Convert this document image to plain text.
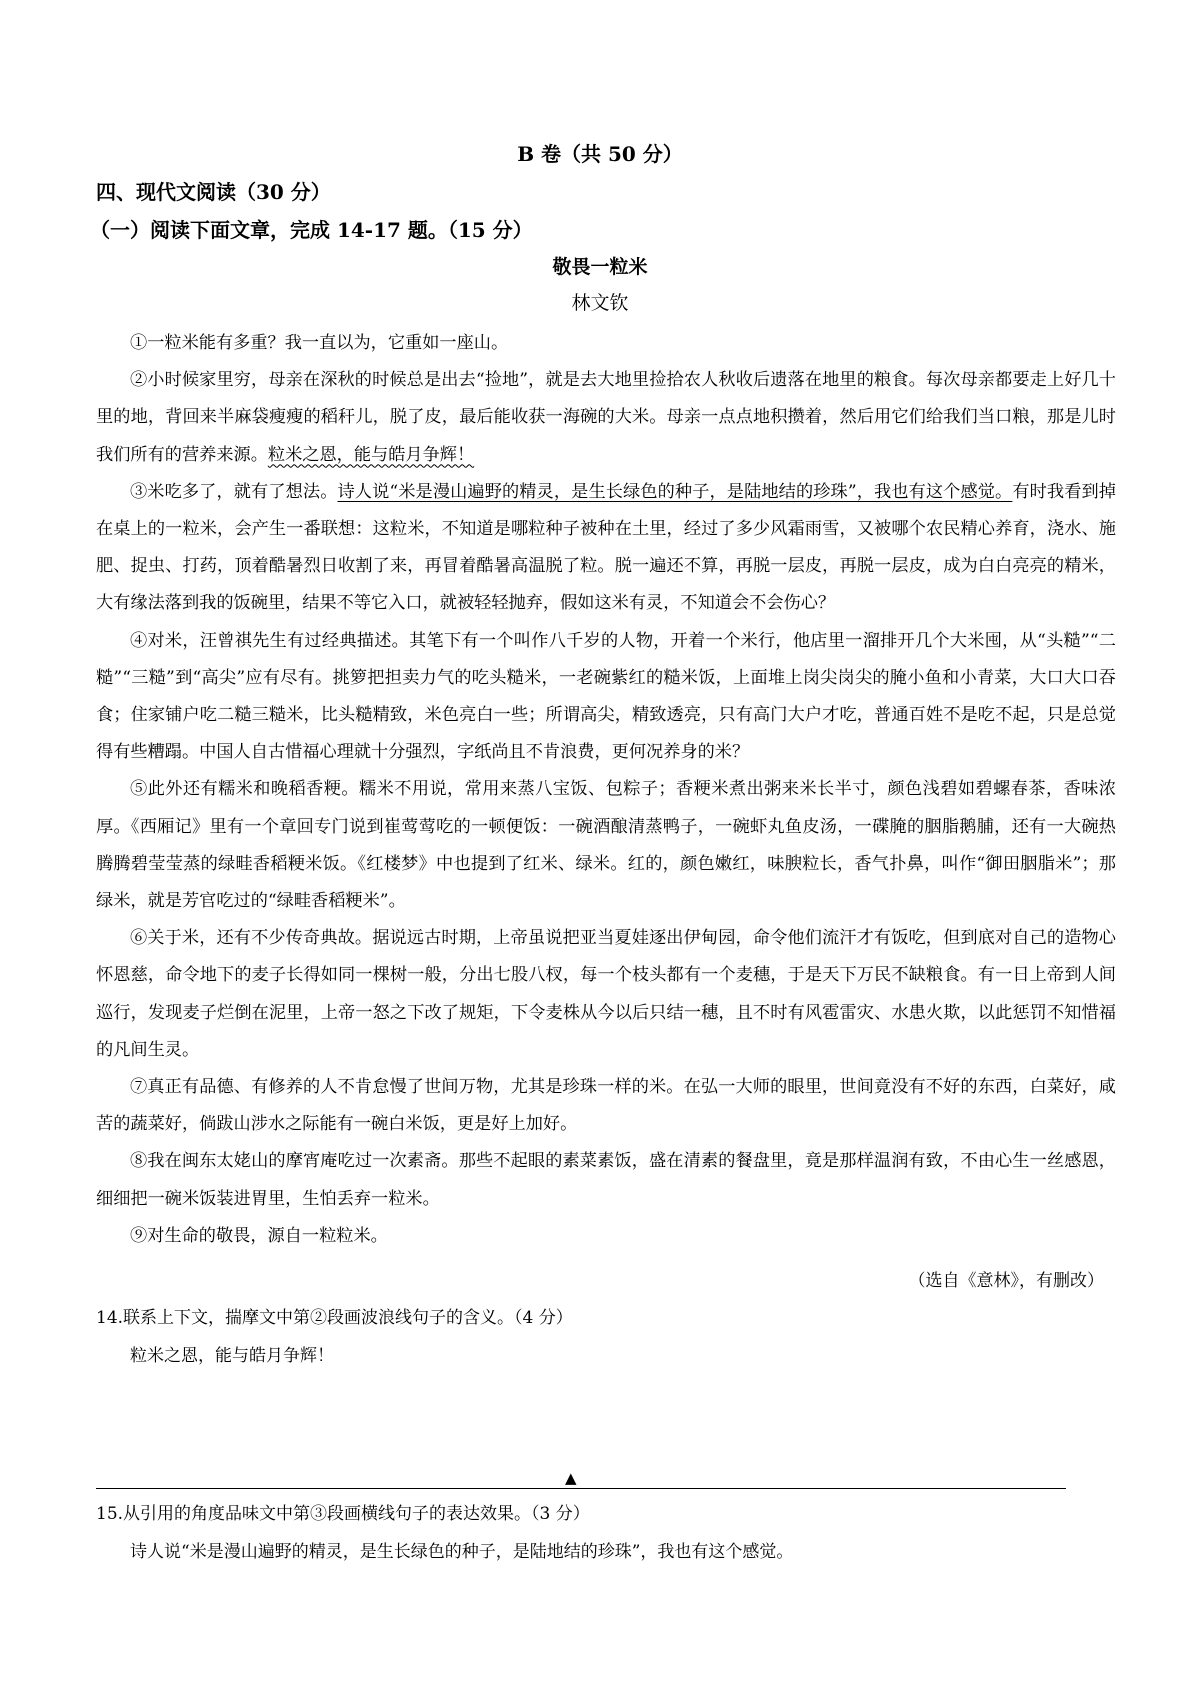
B 卷（共 50 分）
四、现代文阅读（30 分）
（一）阅读下面文章，完成 14-17 题。（15 分）
敬畏一粒米
林文钦

①一粒米能有多重？我一直以为，它重如一座山。

②小时候家里穷，母亲在深秋的时候总是出去“捡地”，就是去大地里捡拾农人秋收后遗落在地里的粮食。每次母亲都要走上好几十里的地，背回来半麻袋瘦瘦的稻秆儿，脱了皮，最后能收获一海碗的大米。母亲一点点地积攒着，然后用它们给我们当口粮，那是儿时我们所有的营养来源。粒米之恩，能与皓月争辉！

③米吃多了，就有了想法。诗人说“米是漫山遍野的精灵，是生长绿色的种子，是陆地结的珍珠”，我也有这个感觉。有时我看到掉在桌上的一粒米，会产生一番联想：这粒米，不知道是哪粒种子被种在土里，经过了多少风霜雨雪，又被哪个农民精心养育，浇水、施肥、捉虫、打药，顶着酷暑烈日收割了来，再冒着酷暑高温脱了粒。脱一遍还不算，再脱一层皮，再脱一层皮，成为白白亮亮的精米，大有缘法落到我的饭碗里，结果不等它入口，就被轻轻抛弃，假如这米有灵，不知道会不会伤心？

④对米，汪曾祺先生有过经典描述。其笔下有一个叫作八千岁的人物，开着一个米行，他店里一溜排开几个大米囤，从“头糙”“二糙”“三糙”到“高尖”应有尽有。挑箩把担卖力气的吃头糙米，一老碗紫红的糙米饭，上面堆上岗尖岗尖的腌小鱼和小青菜，大口大口吞食；住家铺户吃二糙三糙米，比头糙精致，米色亮白一些；所谓高尖，精致透亮，只有高门大户才吃，普通百姓不是吃不起，只是总觉得有些糟蹋。中国人自古惜福心理就十分强烈，字纸尚且不肯浪费，更何况养身的米？

⑤此外还有糯米和晚稻香粳。糯米不用说，常用来蒸八宝饭、包粽子；香粳米煮出粥来米长半寸，颜色浅碧如碧螺春茶，香味浓厚。《西厢记》里有一个章回专门说到崔莺莺吃的一顿便饭：一碗酒酿清蒸鸭子，一碗虾丸鱼皮汤，一碟腌的胭脂鹅脯，还有一大碗热腾腾碧莹莹蒸的绿畦香稻粳米饭。《红楼梦》中也提到了红米、绿米。红的，颜色嫩红，味腴粒长，香气扑鼻，叫作“御田胭脂米”；那绿米，就是芳官吃过的“绿畦香稻粳米”。

⑥关于米，还有不少传奇典故。据说远古时期，上帝虽说把亚当夏娃逐出伊甸园，命令他们流汗才有饭吃，但到底对自己的造物心怀恩慈，命令地下的麦子长得如同一棵树一般，分出七股八杈，每一个枝头都有一个麦穗，于是天下万民不缺粮食。有一日上帝到人间巡行，发现麦子烂倒在泥里，上帝一怒之下改了规矩，下令麦株从今以后只结一穗，且不时有风雹雷灾、水患火欺，以此惩罚不知惜福的凡间生灵。

⑦真正有品德、有修养的人不肯怠慢了世间万物，尤其是珍珠一样的米。在弘一大师的眼里，世间竟没有不好的东西，白菜好，咸苦的蔬菜好，倘跋山涉水之际能有一碗白米饭，更是好上加好。

⑧我在闽东太姥山的摩宵庵吃过一次素斋。那些不起眼的素菜素饭，盛在清素的餐盘里，竟是那样温润有致，不由心生一丝感恩，细细把一碗米饭装进胃里，生怕丢弃一粒米。

⑨对生命的敬畏，源自一粒粒米。

（选自《意林》，有删改）
14.联系上下文，揣摩文中第②段画波浪线句子的含义。（4 分）
粒米之恩，能与皓月争辉！
▲
15.从引用的角度品味文中第③段画横线句子的表达效果。（3 分）
诗人说“米是漫山遍野的精灵，是生长绿色的种子，是陆地结的珍珠”，我也有这个感觉。
